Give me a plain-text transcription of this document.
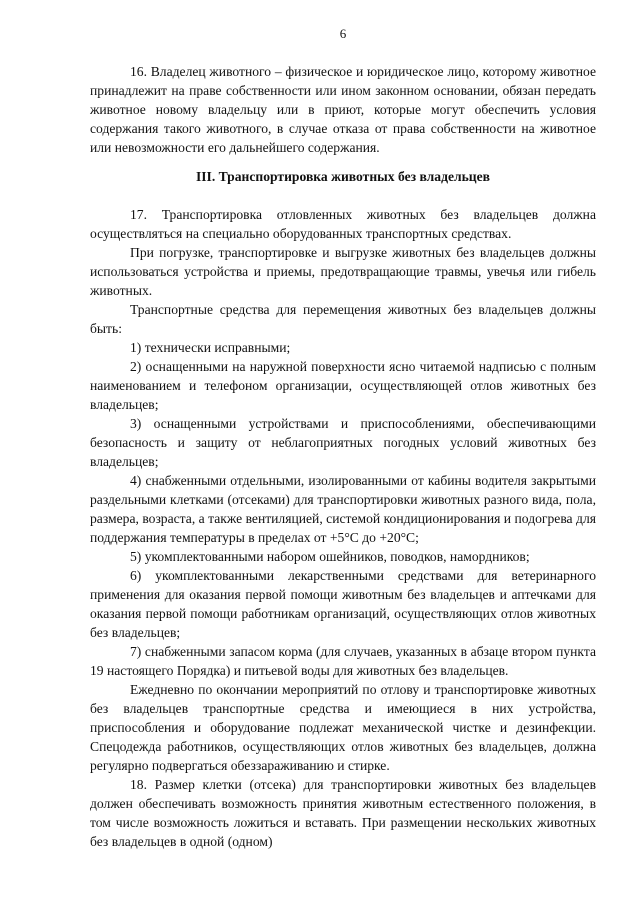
6

16. Владелец животного – физическое и юридическое лицо, которому животное принадлежит на праве собственности или ином законном основании, обязан передать животное новому владельцу или в приют, которые могут обеспечить условия содержания такого животного, в случае отказа от права собственности на животное или невозможности его дальнейшего содержания.

III. Транспортировка животных без владельцев

17. Транспортировка отловленных животных без владельцев должна осуществляться на специально оборудованных транспортных средствах.

При погрузке, транспортировке и выгрузке животных без владельцев должны использоваться устройства и приемы, предотвращающие травмы, увечья или гибель животных.

Транспортные средства для перемещения животных без владельцев должны быть:

1) технически исправными;

2) оснащенными на наружной поверхности ясно читаемой надписью с полным наименованием и телефоном организации, осуществляющей отлов животных без владельцев;

3) оснащенными устройствами и приспособлениями, обеспечивающими безопасность и защиту от неблагоприятных погодных условий животных без владельцев;

4) снабженными отдельными, изолированными от кабины водителя закрытыми раздельными клетками (отсеками) для транспортировки животных разного вида, пола, размера, возраста, а также вентиляцией, системой кондиционирования и подогрева для поддержания температуры в пределах от +5°C до +20°C;

5) укомплектованными набором ошейников, поводков, намордников;

6) укомплектованными лекарственными средствами для ветеринарного применения для оказания первой помощи животным без владельцев и аптечками для оказания первой помощи работникам организаций, осуществляющих отлов животных без владельцев;

7) снабженными запасом корма (для случаев, указанных в абзаце втором пункта 19 настоящего Порядка) и питьевой воды для животных без владельцев.

Ежедневно по окончании мероприятий по отлову и транспортировке животных без владельцев транспортные средства и имеющиеся в них устройства, приспособления и оборудование подлежат механической чистке и дезинфекции. Спецодежда работников, осуществляющих отлов животных без владельцев, должна регулярно подвергаться обеззараживанию и стирке.

18. Размер клетки (отсека) для транспортировки животных без владельцев должен обеспечивать возможность принятия животным естественного положения, в том числе возможность ложиться и вставать. При размещении нескольких животных без владельцев в одной (одном)
